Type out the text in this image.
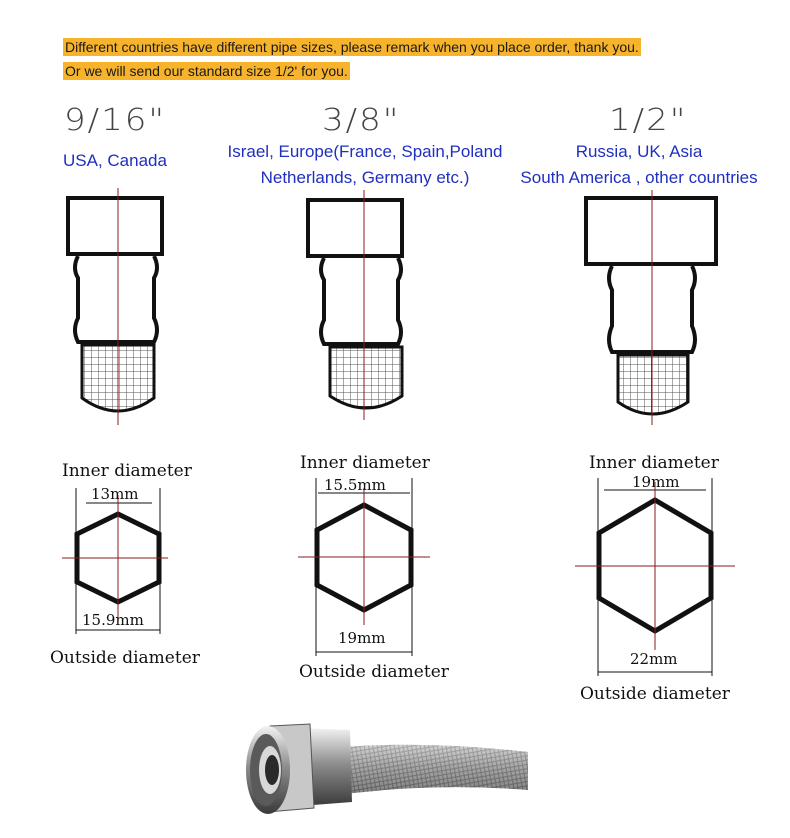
Different countries have different pipe sizes, please remark when you place order, thank you.
Or we will send our standard size 1/2' for you.
9/16"	3/8"	1/2"
USA, Canada	Israel, Europe(France, Spain,Poland
Netherlands, Germany etc.)
Russia, UK, Asia
South America , other countries
Inner diameter
13mm
15.9mm
Outside diameter
Inner diameter
15.5mm
19mm
Outside diameter
Inner diameter
19mm
22mm
Outside diameter
